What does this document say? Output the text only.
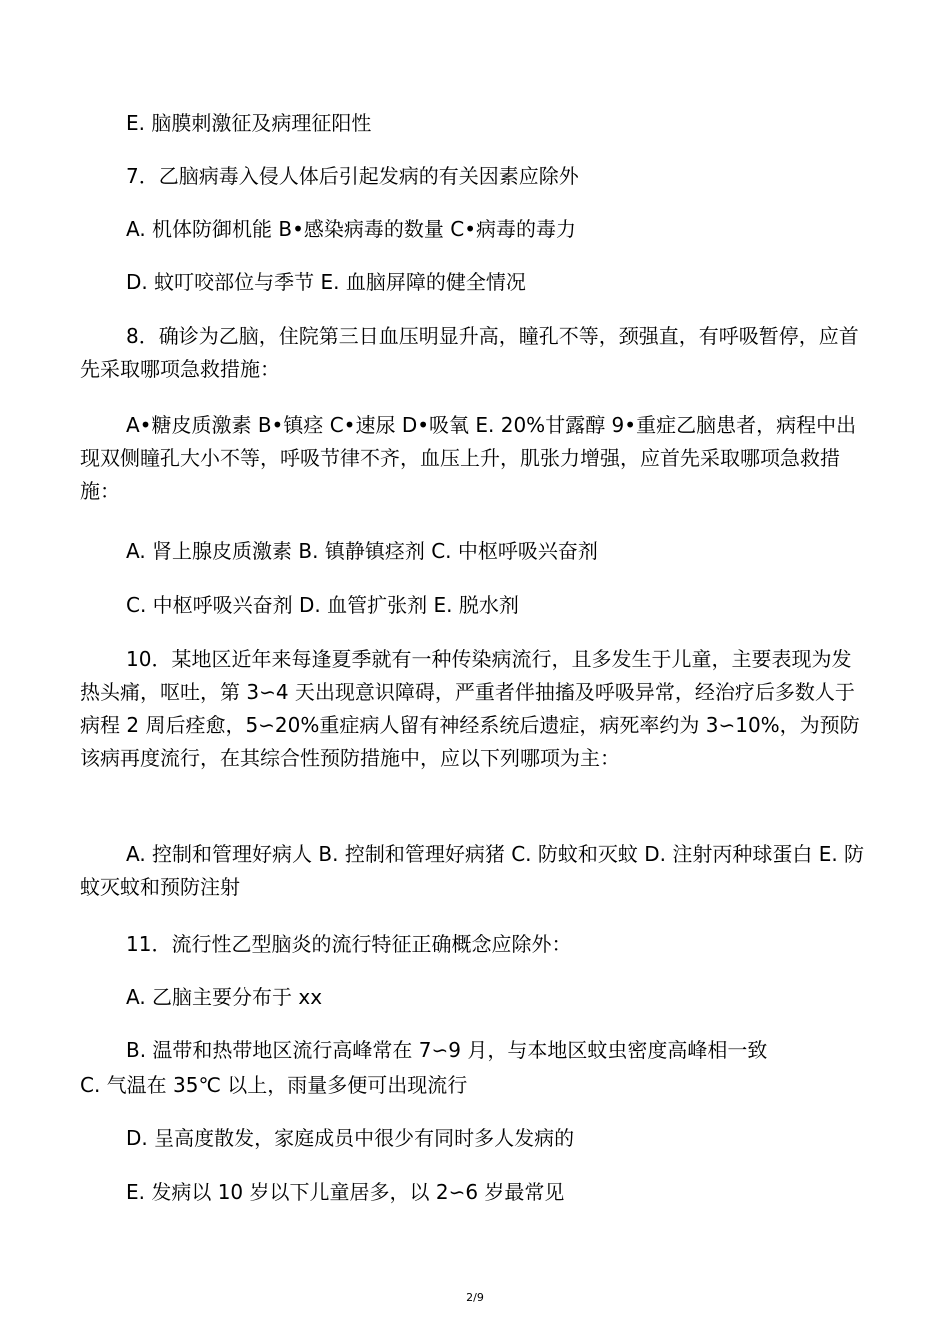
E. 脑膜刺激征及病理征阳性

7．乙脑病毒入侵人体后引起发病的有关因素应除外

A. 机体防御机能 B•感染病毒的数量 C•病毒的毒力

D. 蚊叮咬部位与季节 E. 血脑屏障的健全情况

8．确诊为乙脑，住院第三日血压明显升高，瞳孔不等，颈强直，有呼吸暂停，应首先采取哪项急救措施：

A•糖皮质激素 B•镇痉 C•速尿 D•吸氧 E. 20%甘露醇 9•重症乙脑患者，病程中出现双侧瞳孔大小不等，呼吸节律不齐，血压上升，肌张力增强，应首先采取哪项急救措施：

A. 肾上腺皮质激素 B. 镇静镇痉剂 C. 中枢呼吸兴奋剂

C. 中枢呼吸兴奋剂 D. 血管扩张剂 E. 脱水剂

10．某地区近年来每逢夏季就有一种传染病流行，且多发生于儿童，主要表现为发热头痛，呕吐，第 3∽4 天出现意识障碍，严重者伴抽搐及呼吸异常，经治疗后多数人于病程 2 周后痊愈，5∽20%重症病人留有神经系统后遗症，病死率约为 3∽10%，为预防该病再度流行，在其综合性预防措施中，应以下列哪项为主：

A. 控制和管理好病人 B. 控制和管理好病猪 C. 防蚊和灭蚊 D. 注射丙种球蛋白 E. 防蚊灭蚊和预防注射

11．流行性乙型脑炎的流行特征正确概念应除外：

A. 乙脑主要分布于 xx

B. 温带和热带地区流行高峰常在 7∽9 月，与本地区蚊虫密度高峰相一致

C. 气温在 35℃ 以上，雨量多便可出现流行

D. 呈高度散发，家庭成员中很少有同时多人发病的

E. 发病以 10 岁以下儿童居多，以 2∽6 岁最常见

2/9
